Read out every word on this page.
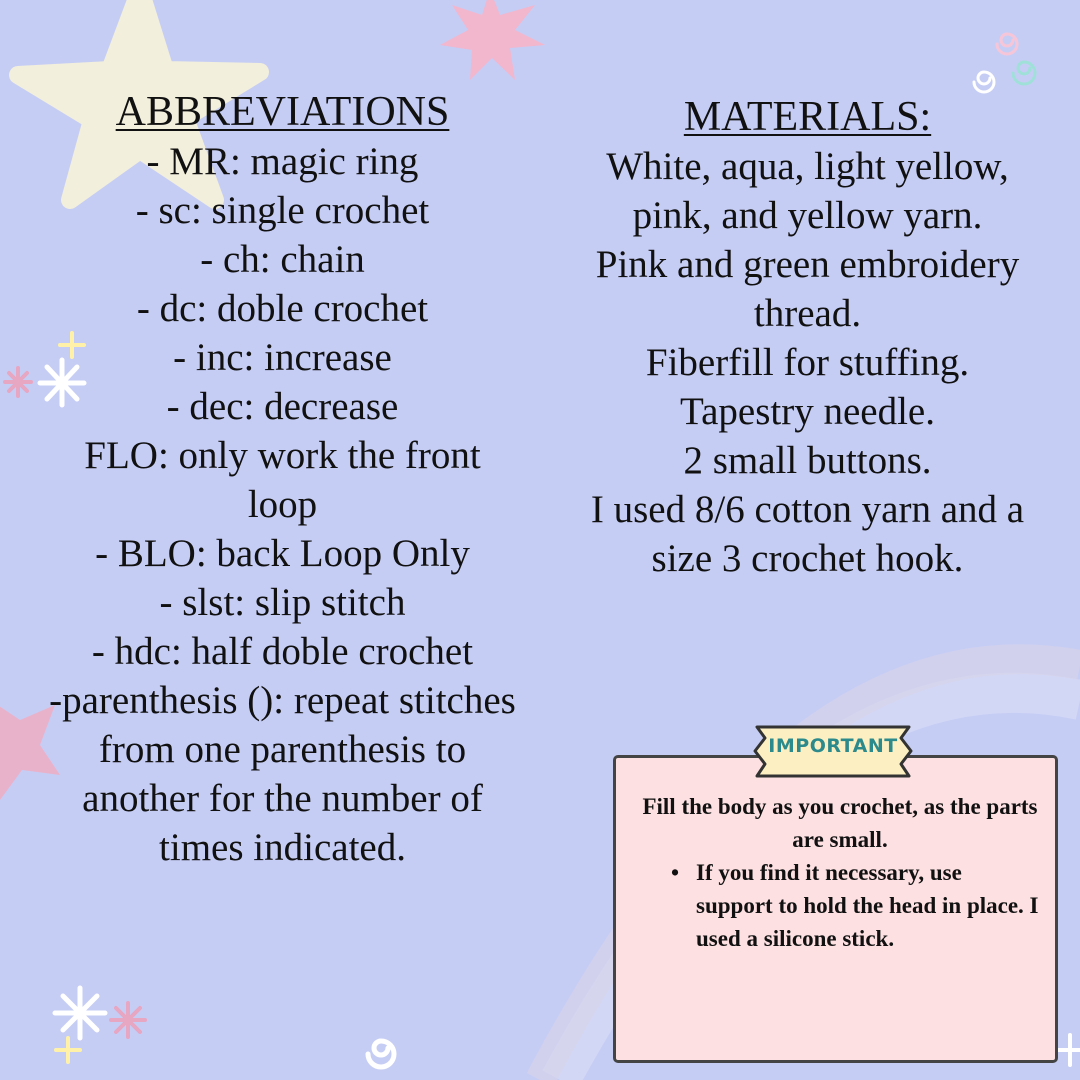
ABBREVIATIONS
- MR: magic ring
- sc: single crochet
- ch: chain
- dc: doble crochet
- inc: increase
- dec: decrease
FLO: only work the front
loop
- BLO: back Loop Only
- slst: slip stitch
- hdc: half doble crochet
-parenthesis (): repeat stitches
from one parenthesis to
another for the number of
times indicated.
MATERIALS:
White, aqua, light yellow,
pink, and yellow yarn.
Pink and green embroidery
thread.
Fiberfill for stuffing.
Tapestry needle.
2 small buttons.
I used 8/6 cotton yarn and a
size 3 crochet hook.
IMPORTANT
Fill the body as you crochet, as the parts are small.
• If you find it necessary, use support to hold the head in place. I used a silicone stick.
